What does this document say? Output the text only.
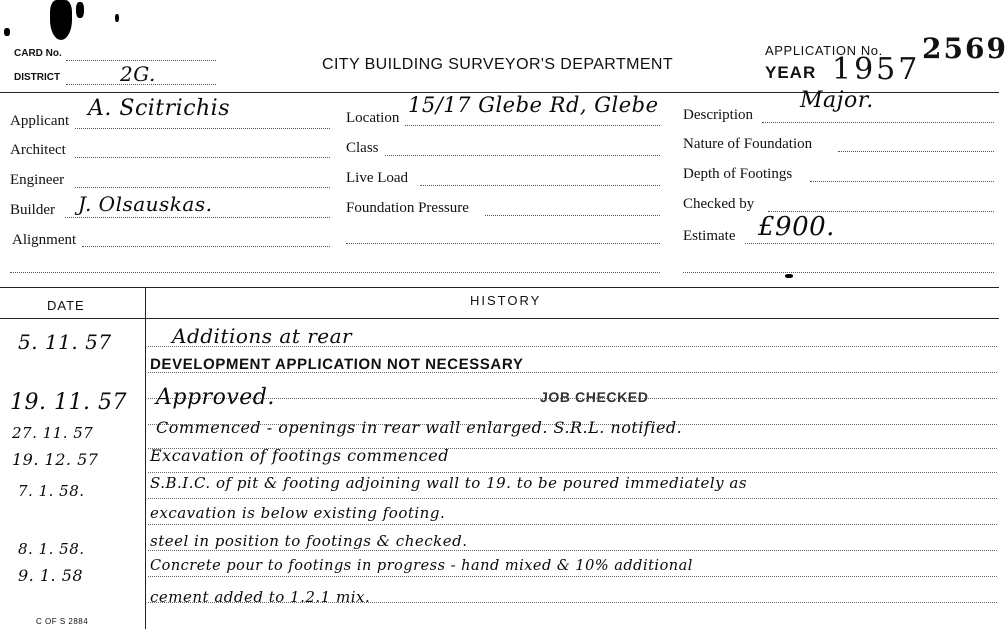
CARD No.
DISTRICT	2G.	CITY BUILDING SURVEYOR'S DEPARTMENT
APPLICATION No. 2569
YEAR 1957
Applicant A. Scitrichis
Architect
Engineer
Builder J. Olsauskas.
Alignment
Location
15/17 Glebe Rd, Glebe
Class
Live Load
Foundation Pressure
Description
Major.
Nature of Foundation
Depth of Footings
Checked by
Estimate £900.
DATE	HISTORY
5. 11. 57	Additions at rear
DEVELOPMENT APPLICATION NOT NECESSARY
19. 11. 57 Approved.	JOB CHECKED
27. 11. 57	Commenced - openings in rear wall enlarged. S.R.L. notified.
19. 12. 57	Excavation of footings commenced
7. 1. 58.	S.B.I.C. of pit & footing adjoining wall to 19. to be poured immediately as
excavation is below existing footing.
8. 1. 58.	steel in position to footings & checked.
9. 1. 58	Concrete pour to footings in progress - hand mixed & 10% additional
cement added to 1.2.1 mix.
C OF S 2884
